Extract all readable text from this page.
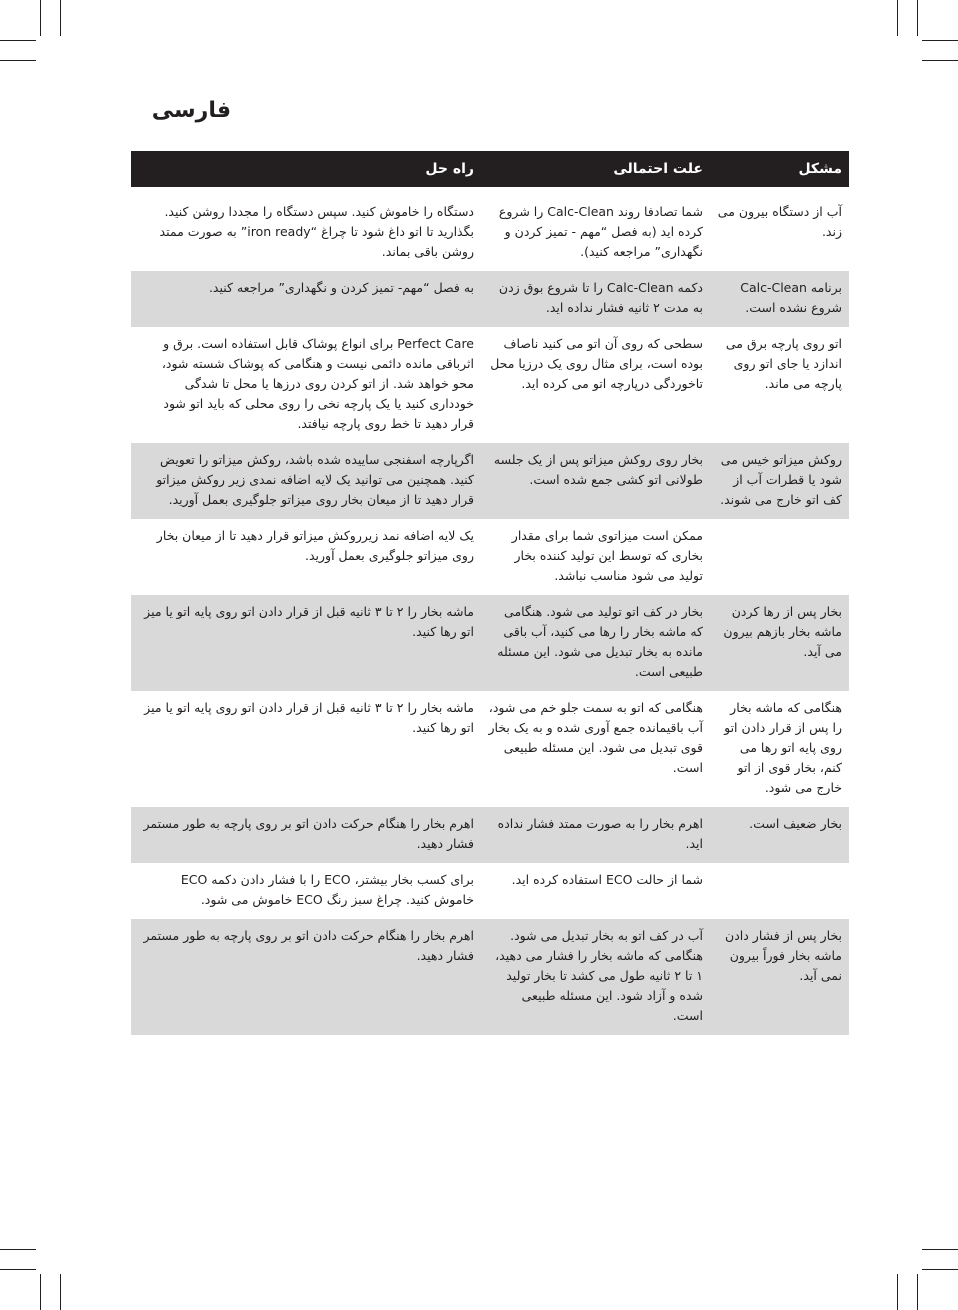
فارسی
مشکل	علت احتمالی	راه حل
آب از دستگاه بیرون می زند.	شما تصادفا روند Calc-Clean را شروع کرده اید (به فصل “مهم - تمیز کردن و نگهداری” مراجعه کنید).	دستگاه را خاموش کنید. سپس دستگاه را مجددا روشن کنید. بگذارید تا اتو داغ شود تا چراغ “iron ready” به صورت ممتد روشن باقی بماند.
برنامه Calc-Clean شروع نشده است.	دکمه Calc-Clean را تا شروع بوق زدن به مدت ۲ ثانیه فشار نداده اید.	به فصل “مهم- تمیز کردن و نگهداری” مراجعه کنید.
اتو روی پارچه برق می اندازد یا جای اتو روی پارچه می ماند.	سطحی که روی آن اتو می کنید ناصاف بوده است، برای مثال روی یک درزیا محل تاخوردگی درپارچه اتو می کرده اید.	Perfect Care برای انواع پوشاک قابل استفاده است. برق و اثرباقی مانده دائمی نیست و هنگامی که پوشاک شسته شود، محو خواهد شد. از اتو کردن روی درزها یا محل تا شدگی خودداری کنید یا یک پارچه نخی را روی محلی که باید اتو شود قرار دهید تا خط روی پارچه نیافتد.
روکش میزاتو خیس می شود یا قطرات آب از کف اتو خارج می شوند.	بخار روی روکش میزاتو پس از یک جلسه طولانی اتو کشی جمع شده است.	اگرپارچه اسفنجی ساییده شده باشد، روکش میزاتو را تعویض کنید. همچنین می توانید یک لایه اضافه نمدی زیر روکش میزاتو قرار دهید تا از میعان بخار روی میزاتو جلوگیری بعمل آورید.
	ممکن است میزاتوی شما برای مقدار بخاری که توسط این تولید کننده بخار تولید می شود مناسب نباشد.	یک لایه اضافه نمد زیرروکش میزاتو قرار دهید تا از میعان بخار روی میزاتو جلوگیری بعمل آورید.
بخار پس از رها کردن ماشه بخار بازهم بیرون می آید.	بخار در کف اتو تولید می شود. هنگامی که ماشه بخار را رها می کنید، آب باقی مانده به بخار تبدیل می شود. این مسئله طبیعی است.	ماشه بخار را ۲ تا ۳ ثانیه قبل از قرار دادن اتو روی پایه اتو یا میز اتو رها کنید.
هنگامی که ماشه بخار را پس از قرار دادن اتو روی پایه اتو رها می کنم، بخار قوی از اتو خارج می شود.	هنگامی که اتو به سمت جلو خم می شود، آب باقیمانده جمع آوری شده و به یک بخار قوی تبدیل می شود. این مسئله طبیعی است.	ماشه بخار را ۲ تا ۳ ثانیه قبل از قرار دادن اتو روی پایه اتو یا میز اتو رها کنید.
بخار ضعیف است.	اهرم بخار را به صورت ممتد فشار نداده اید.	اهرم بخار را هنگام حرکت دادن اتو بر روی پارچه به طور مستمر فشار دهید.
	شما از حالت ECO استفاده کرده اید.	برای کسب بخار بیشتر، ECO را با فشار دادن دکمه ECO خاموش کنید. چراغ سبز رنگ ECO خاموش می شود.
بخار پس از فشار دادن ماشه بخار فوراً بیرون نمی آید.	آب در کف اتو به بخار تبدیل می شود. هنگامی که ماشه بخار را فشار می دهید، ۱ تا ۲ ثانیه طول می کشد تا بخار تولید شده و آزاد شود. این مسئله طبیعی است.	اهرم بخار را هنگام حرکت دادن اتو بر روی پارچه به طور مستمر فشار دهید.
